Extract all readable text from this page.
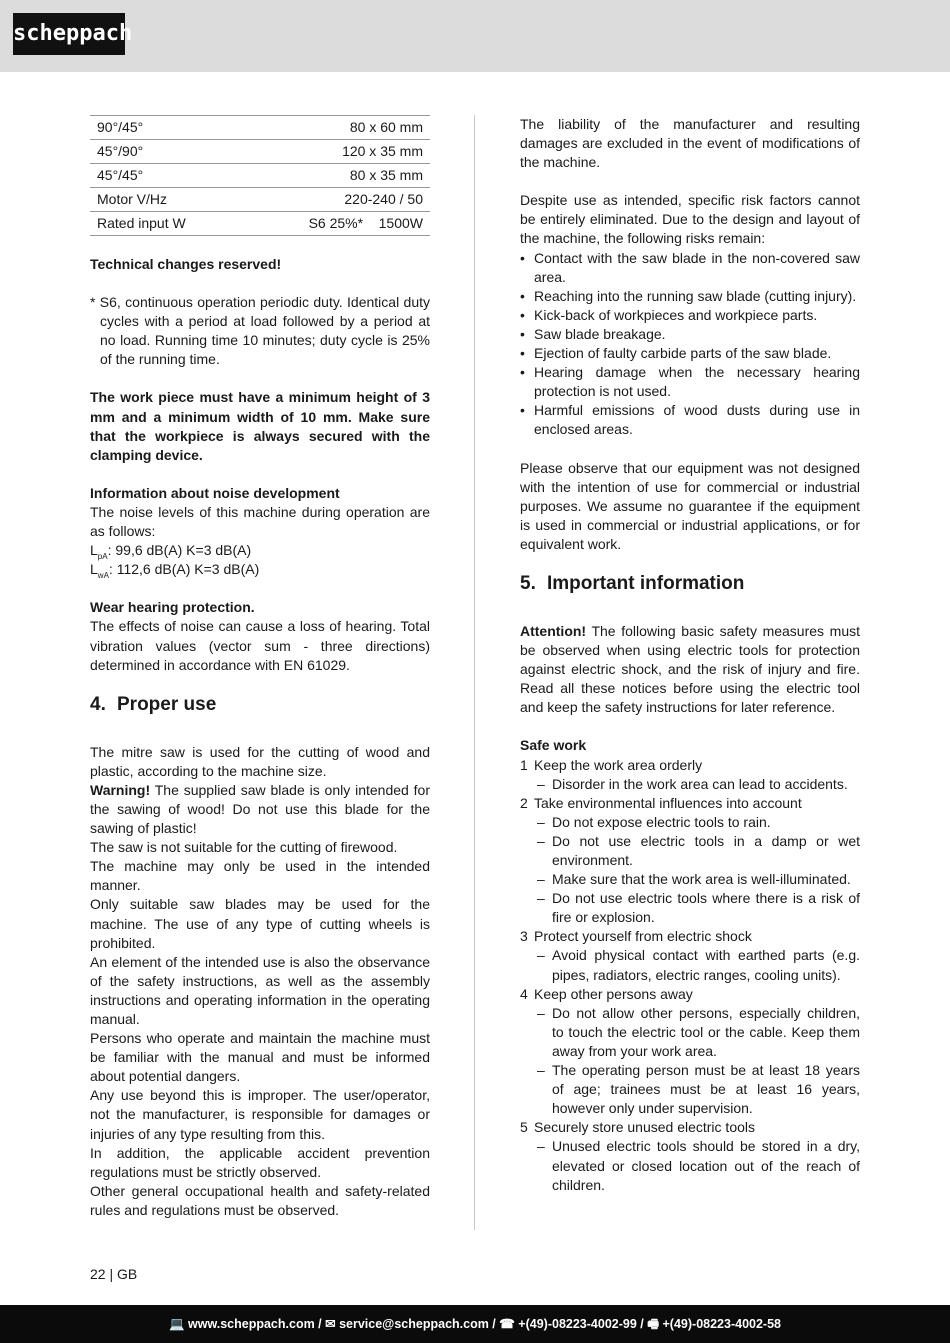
scheppach
90°/45°	80 x 60 mm
45°/90°	120 x 35 mm
45°/45°	80 x 35 mm
Motor V/Hz	220-240 / 50
Rated input W	S6 25%*    1500W

Technical changes reserved!

* S6, continuous operation periodic duty. Identical duty cycles with a period at load followed by a period at no load. Running time 10 minutes; duty cycle is 25% of the running time.

The work piece must have a minimum height of 3 mm and a minimum width of 10 mm. Make sure that the workpiece is always secured with the clamping device.

Information about noise development

The noise levels of this machine during operation are as follows:

$L_{pA}$: 99,6 dB(A) K=3 dB(A)

$L_{wA}$: 112,6 dB(A) K=3 dB(A)

Wear hearing protection.

The effects of noise can cause a loss of hearing. Total vibration values (vector sum - three directions) determined in accordance with EN 61029.

4. Proper use

The mitre saw is used for the cutting of wood and plastic, according to the machine size.

Warning! The supplied saw blade is only intended for the sawing of wood! Do not use this blade for the sawing of plastic!

The saw is not suitable for the cutting of firewood.

The machine may only be used in the intended manner.

Only suitable saw blades may be used for the machine. The use of any type of cutting wheels is prohibited.

An element of the intended use is also the observance of the safety instructions, as well as the assembly instructions and operating information in the operating manual.

Persons who operate and maintain the machine must be familiar with the manual and must be informed about potential dangers.

Any use beyond this is improper. The user/operator, not the manufacturer, is responsible for damages or injuries of any type resulting from this.

In addition, the applicable accident prevention regulations must be strictly observed.

Other general occupational health and safety-related rules and regulations must be observed.

The liability of the manufacturer and resulting damages are excluded in the event of modifications of the machine.

Despite use as intended, specific risk factors cannot be entirely eliminated. Due to the design and layout of the machine, the following risks remain:

• Contact with the saw blade in the non-covered saw area.
• Reaching into the running saw blade (cutting injury).
• Kick-back of workpieces and workpiece parts.
• Saw blade breakage.
• Ejection of faulty carbide parts of the saw blade.
• Hearing damage when the necessary hearing protection is not used.
• Harmful emissions of wood dusts during use in enclosed areas.

Please observe that our equipment was not designed with the intention of use for commercial or industrial purposes. We assume no guarantee if the equipment is used in commercial or industrial applications, or for equivalent work.

5. Important information

Attention! The following basic safety measures must be observed when using electric tools for protection against electric shock, and the risk of injury and fire. Read all these notices before using the electric tool and keep the safety instructions for later reference.

Safe work

1 Keep the work area orderly
– Disorder in the work area can lead to accidents.
2 Take environmental influences into account
– Do not expose electric tools to rain.
– Do not use electric tools in a damp or wet environment.
– Make sure that the work area is well-illuminated.
– Do not use electric tools where there is a risk of fire or explosion.
3 Protect yourself from electric shock
– Avoid physical contact with earthed parts (e.g. pipes, radiators, electric ranges, cooling units).
4 Keep other persons away
– Do not allow other persons, especially children, to touch the electric tool or the cable. Keep them away from your work area.
– The operating person must be at least 18 years of age; trainees must be at least 16 years, however only under supervision.
5 Securely store unused electric tools
– Unused electric tools should be stored in a dry, elevated or closed location out of the reach of children.
22 | GB
💻 www.scheppach.com / ✉ service@scheppach.com / ☎ +(49)-08223-4002-99 / 🖷 +(49)-08223-4002-58
